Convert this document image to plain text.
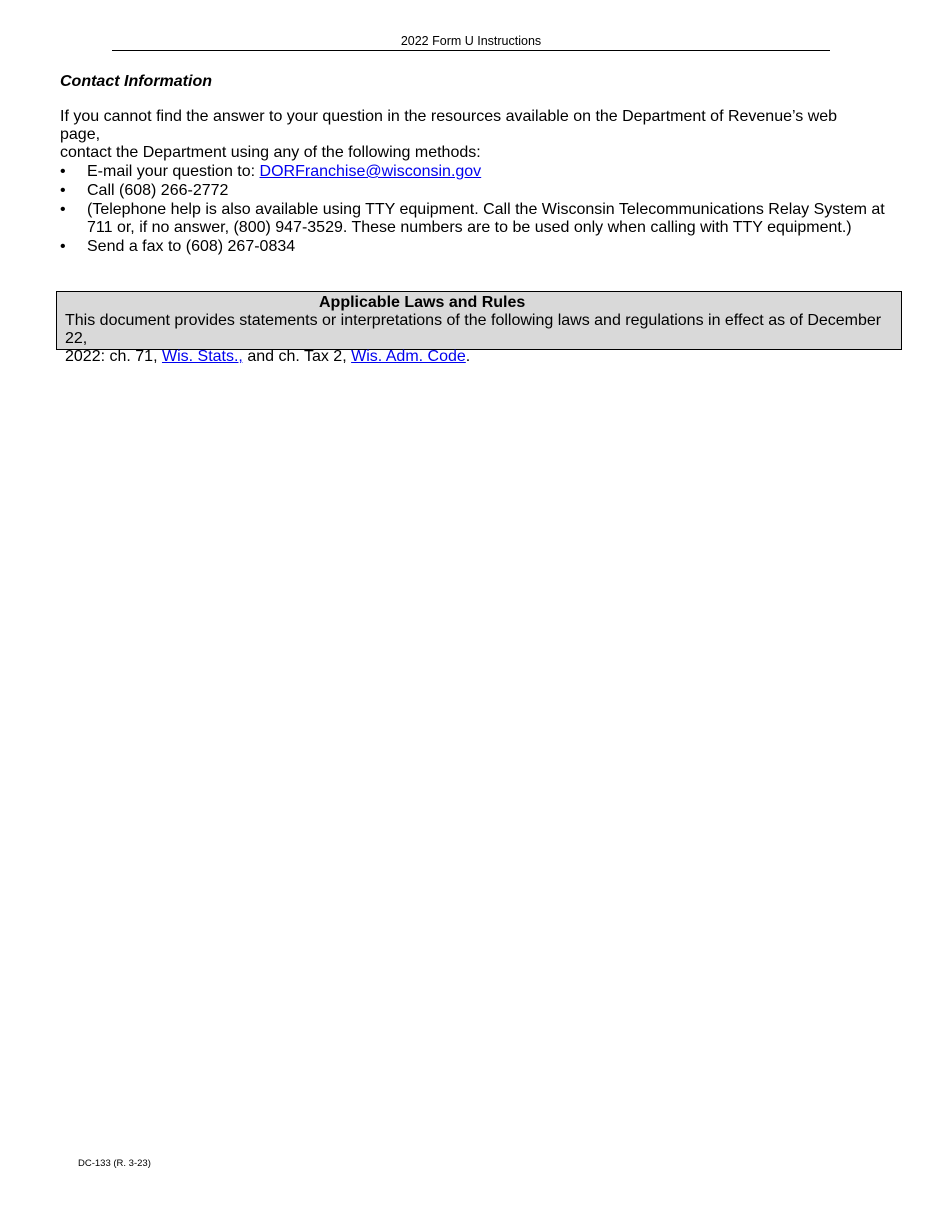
2022 Form U Instructions
Contact Information

If you cannot find the answer to your question in the resources available on the Department of Revenue’s web page,
contact the Department using any of the following methods:

• E-mail your question to: DORFranchise@wisconsin.gov
• Call (608) 266-2772
• (Telephone help is also available using TTY equipment. Call the Wisconsin Telecommunications Relay System at
711 or, if no answer, (800) 947-3529. These numbers are to be used only when calling with TTY equipment.)
• Send a fax to (608) 267-0834
Applicable Laws and Rules
This document provides statements or interpretations of the following laws and regulations in effect as of December 22,
2022: ch. 71, Wis. Stats., and ch. Tax 2, Wis. Adm. Code.
DC-133 (R. 3-23)
